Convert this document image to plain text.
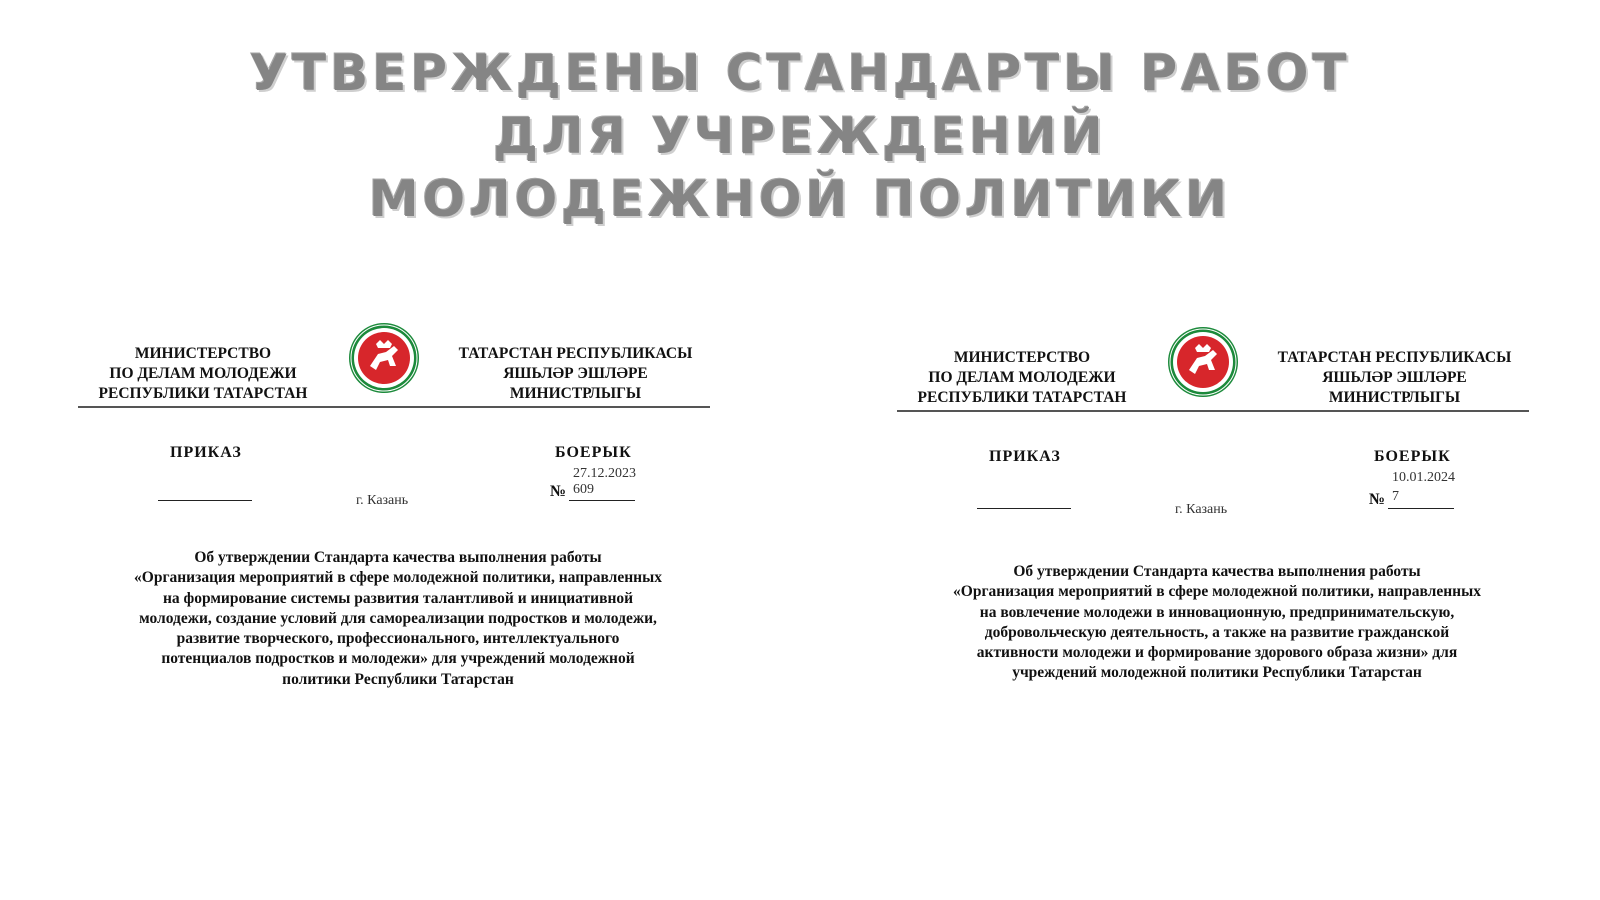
УТВЕРЖДЕНЫ СТАНДАРТЫ РАБОТ
ДЛЯ УЧРЕЖДЕНИЙ
МОЛОДЕЖНОЙ ПОЛИТИКИ
МИНИСТЕРСТВО
ПО ДЕЛАМ МОЛОДЕЖИ
РЕСПУБЛИКИ ТАТАРСТАН
ТАТАРСТАН РЕСПУБЛИКАСЫ
ЯШЬЛӘР ЭШЛӘРЕ
МИНИСТРЛЫГЫ
ПРИКАЗ	БОЕРЫК
27.12.2023
№ 609
г. Казань
Об утверждении Стандарта качества выполнения работы
«Организация мероприятий в сфере молодежной политики, направленных
на формирование системы развития талантливой и инициативной
молодежи, создание условий для самореализации подростков и молодежи,
развитие творческого, профессионального, интеллектуального
потенциалов подростков и молодежи» для учреждений молодежной
политики Республики Татарстан
МИНИСТЕРСТВО
ПО ДЕЛАМ МОЛОДЕЖИ
РЕСПУБЛИКИ ТАТАРСТАН
ТАТАРСТАН РЕСПУБЛИКАСЫ
ЯШЬЛӘР ЭШЛӘРЕ
МИНИСТРЛЫГЫ
ПРИКАЗ	БОЕРЫК
10.01.2024
№ 7
г. Казань
Об утверждении Стандарта качества выполнения работы
«Организация мероприятий в сфере молодежной политики, направленных
на вовлечение молодежи в инновационную, предпринимательскую,
добровольческую деятельность, а также на развитие гражданской
активности молодежи и формирование здорового образа жизни» для
учреждений молодежной политики Республики Татарстан
